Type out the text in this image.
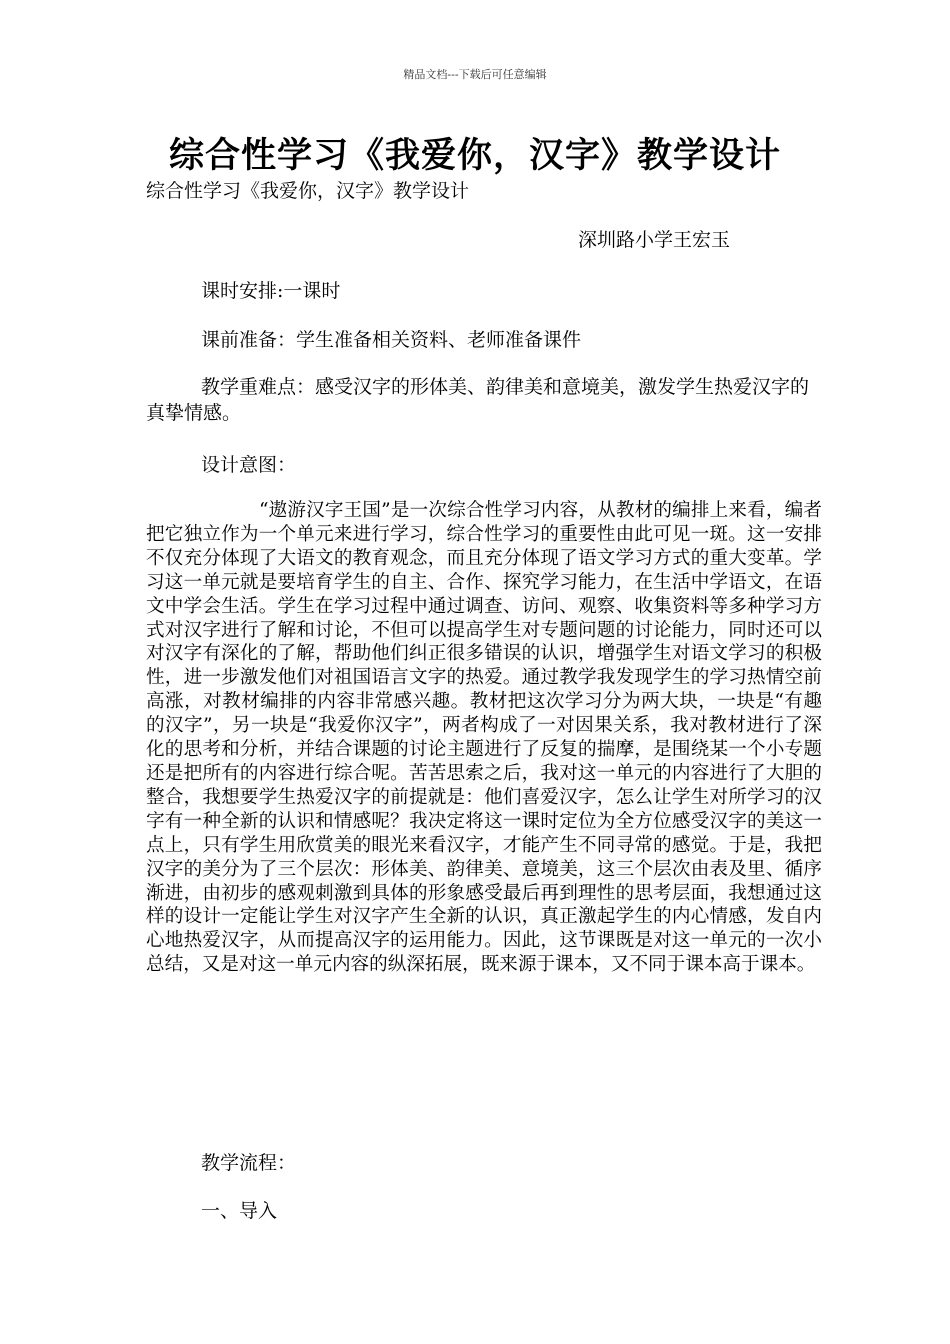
精品文档---下载后可任意编辑
综合性学习《我爱你，汉字》教学设计
综合性学习《我爱你，汉字》教学设计
深圳路小学王宏玉
课时安排:一课时
课前准备：学生准备相关资料、老师准备课件
教学重难点：感受汉字的形体美、韵律美和意境美，激发学生热爱汉字的真挚情感。
设计意图：
“遨游汉字王国”是一次综合性学习内容，从教材的编排上来看，编者把它独立作为一个单元来进行学习，综合性学习的重要性由此可见一斑。这一安排不仅充分体现了大语文的教育观念，而且充分体现了语文学习方式的重大变革。学习这一单元就是要培育学生的自主、合作、探究学习能力，在生活中学语文，在语文中学会生活。学生在学习过程中通过调查、访问、观察、收集资料等多种学习方式对汉字进行了解和讨论，不但可以提高学生对专题问题的讨论能力，同时还可以对汉字有深化的了解，帮助他们纠正很多错误的认识，增强学生对语文学习的积极性，进一步激发他们对祖国语言文字的热爱。通过教学我发现学生的学习热情空前高涨，对教材编排的内容非常感兴趣。教材把这次学习分为两大块，一块是“有趣的汉字”，另一块是“我爱你汉字”，两者构成了一对因果关系，我对教材进行了深化的思考和分析，并结合课题的讨论主题进行了反复的揣摩，是围绕某一个小专题还是把所有的内容进行综合呢。苦苦思索之后，我对这一单元的内容进行了大胆的整合，我想要学生热爱汉字的前提就是：他们喜爱汉字，怎么让学生对所学习的汉字有一种全新的认识和情感呢？我决定将这一课时定位为全方位感受汉字的美这一点上，只有学生用欣赏美的眼光来看汉字，才能产生不同寻常的感觉。于是，我把汉字的美分为了三个层次：形体美、韵律美、意境美，这三个层次由表及里、循序渐进，由初步的感观刺激到具体的形象感受最后再到理性的思考层面，我想通过这样的设计一定能让学生对汉字产生全新的认识，真正激起学生的内心情感，发自内心地热爱汉字，从而提高汉字的运用能力。因此，这节课既是对这一单元的一次小总结，又是对这一单元内容的纵深拓展，既来源于课本，又不同于课本高于课本。
教学流程：
一、导入
